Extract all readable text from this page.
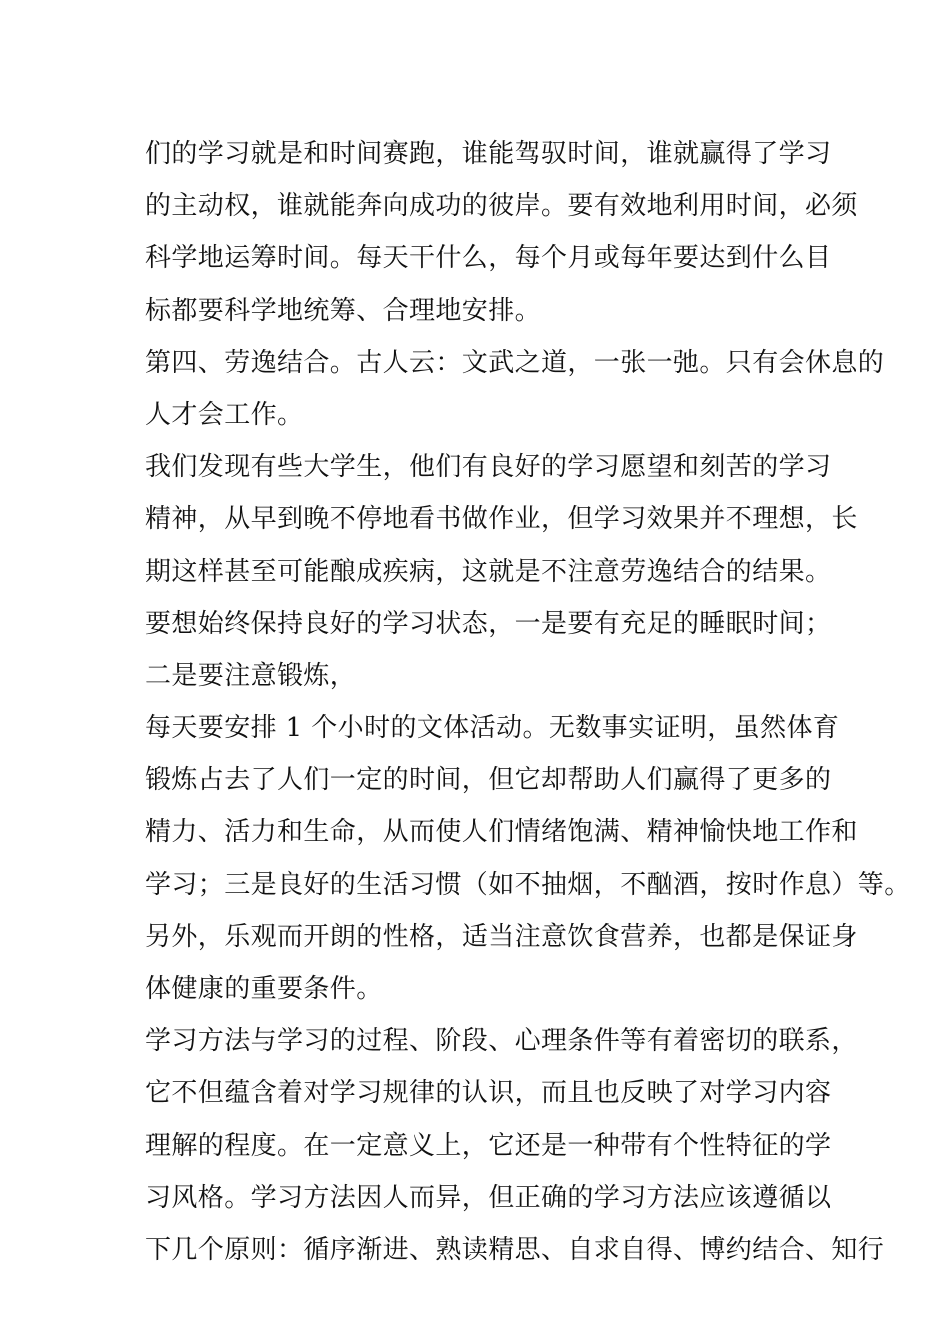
们的学习就是和时间赛跑，谁能驾驭时间，谁就赢得了学习
的主动权，谁就能奔向成功的彼岸。要有效地利用时间，必须
科学地运筹时间。每天干什么，每个月或每年要达到什么目
标都要科学地统筹、合理地安排。
第四、劳逸结合。古人云：文武之道，一张一弛。只有会休息的
人才会工作。
我们发现有些大学生，他们有良好的学习愿望和刻苦的学习
精神，从早到晚不停地看书做作业，但学习效果并不理想，长
期这样甚至可能酿成疾病，这就是不注意劳逸结合的结果。
要想始终保持良好的学习状态，一是要有充足的睡眠时间；
二是要注意锻炼，
每天要安排 1 个小时的文体活动。无数事实证明，虽然体育
锻炼占去了人们一定的时间，但它却帮助人们赢得了更多的
精力、活力和生命，从而使人们情绪饱满、精神愉快地工作和
学习；三是良好的生活习惯（如不抽烟，不酗酒，按时作息）等。
另外，乐观而开朗的性格，适当注意饮食营养，也都是保证身
体健康的重要条件。
学习方法与学习的过程、阶段、心理条件等有着密切的联系，
它不但蕴含着对学习规律的认识，而且也反映了对学习内容
理解的程度。在一定意义上，它还是一种带有个性特征的学
习风格。学习方法因人而异，但正确的学习方法应该遵循以
下几个原则：循序渐进、熟读精思、自求自得、博约结合、知行
